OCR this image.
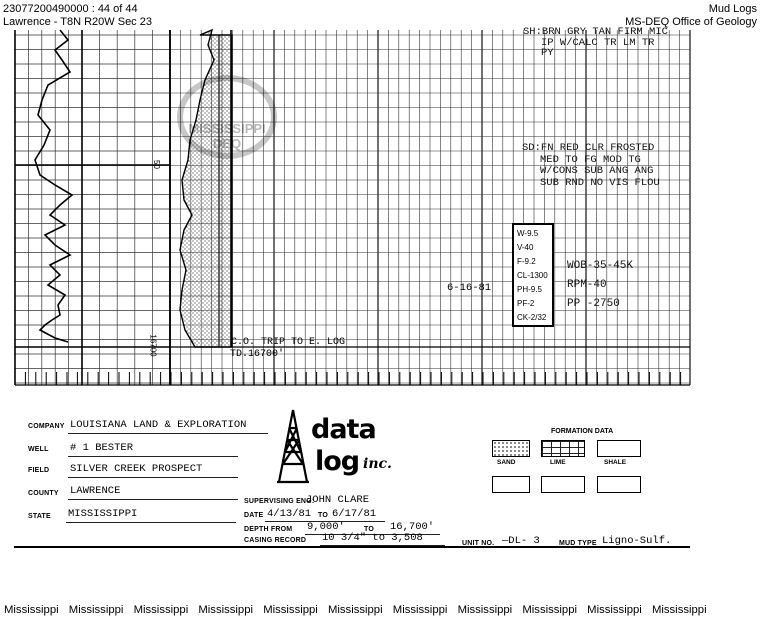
23077200490000 : 44 of 44
Lawrence - T8N R20W Sec 23
Mud Logs
MS-DEQ Office of Geology
50
16700
MISSISSIPPI
DEQ
SH:BRN GRY TAN FIRM MIC
IP W/CALC TR LM TR
PY
SD:FN RED CLR FROSTED
MED TO FG MOD TG
W/CONS SUB ANG ANG
SUB RND NO VIS FLOU
W-9.5
V-40
F-9.2
CL-1300
PH-9.5
PF-2
CK-2/32
6-16-81
WOB-35-45K
RPM-40
PP -2750
C.O. TRIP TO E. LOG
TD.16700'
COMPANY LOUISIANA LAND & EXPLORATION
WELL # 1 BESTER
FIELD SILVER CREEK PROSPECT
COUNTY LAWRENCE
STATE MISSISSIPPI
SUPERVISING ENG:
JOHN CLARE
DATE 4/13/81 TO 6/17/81
DEPTH FROM 9,000'	TO 16,700'
CASING RECORD 10 3/4" to 3,508	UNIT NO. —DL- 3	MUD TYPE Ligno-Sulf.
data
log inc.
FORMATION DATA
SAND	LIME	SHALE
Mississippi Mississippi Mississippi Mississippi Mississippi Mississippi Mississippi Mississippi Mississippi Mississippi Mississippi
